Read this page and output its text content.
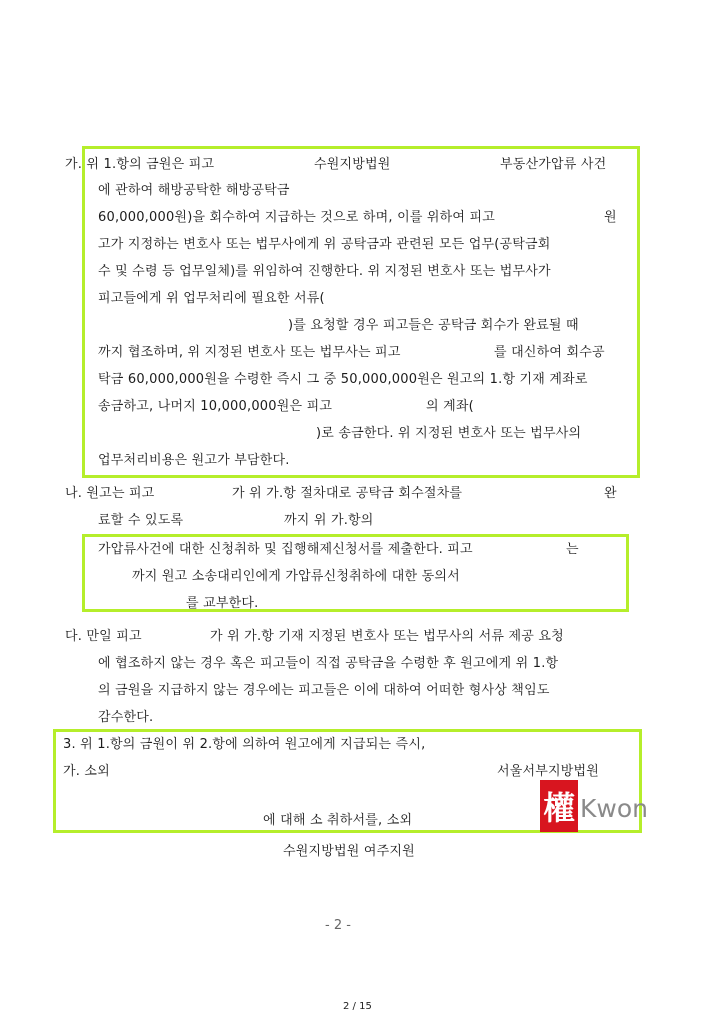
가. 위 1.항의 금원은 피고	수원지방법원	부동산가압류 사건
에 관하여 해방공탁한 해방공탁금
60,000,000원)을 회수하여 지급하는 것으로 하며, 이를 위하여 피고	원
고가 지정하는 변호사 또는 법무사에게 위 공탁금과 관련된 모든 업무(공탁금회
수 및 수령 등 업무일체)를 위임하여 진행한다. 위 지정된 변호사 또는 법무사가
피고들에게 위 업무처리에 필요한 서류(
)를 요청할 경우 피고들은 공탁금 회수가 완료될 때
까지 협조하며, 위 지정된 변호사 또는 법무사는 피고	를 대신하여 회수공
탁금 60,000,000원을 수령한 즉시 그 중 50,000,000원은 원고의 1.항 기재 계좌로
송금하고, 나머지 10,000,000원은 피고	의 계좌(
)로 송금한다. 위 지정된 변호사 또는 법무사의
업무처리비용은 원고가 부담한다.
나. 원고는 피고	가 위 가.항 절차대로 공탁금 회수절차를	완
료할 수 있도록	까지 위 가.항의
가압류사건에 대한 신청취하 및 집행해제신청서를 제출한다. 피고	는
까지 원고 소송대리인에게 가압류신청취하에 대한 동의서
를 교부한다.
다. 만일 피고	가 위 가.항 기재 지정된 변호사 또는 법무사의 서류 제공 요청
에 협조하지 않는 경우 혹은 피고들이 직접 공탁금을 수령한 후 원고에게 위 1.항
의 금원을 지급하지 않는 경우에는 피고들은 이에 대하여 어떠한 형사상 책임도
감수한다.
3. 위 1.항의 금원이 위 2.항에 의하여 원고에게 지급되는 즉시,
가. 소외	서울서부지방법원
에 대해 소 취하서를, 소외
수원지방법원 여주지원
權 Kwon
- 2 -
2 / 15
